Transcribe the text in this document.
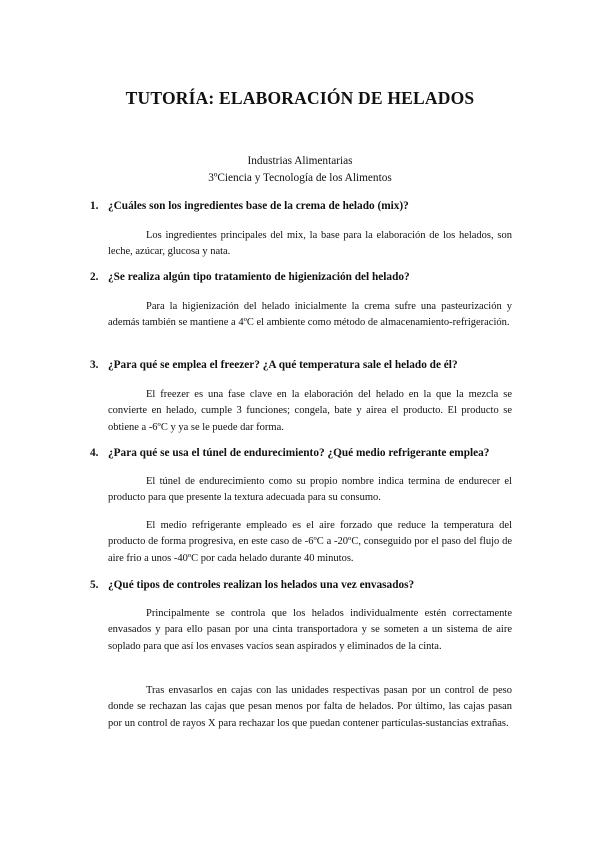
TUTORÍA: ELABORACIÓN DE HELADOS
Industrias Alimentarias
3ºCiencia y Tecnología de los Alimentos
1. ¿Cuáles son los ingredientes base de la crema de helado (mix)?
Los ingredientes principales del mix, la base para la elaboración de los helados, son leche, azúcar, glucosa y nata.
2. ¿Se realiza algún tipo tratamiento de higienización del helado?
Para la higienización del helado inicialmente la crema sufre una pasteurización y además también se mantiene a 4ºC el ambiente como método de almacenamiento-refrigeración.
3. ¿Para qué se emplea el freezer? ¿A qué temperatura sale el helado de él?
El freezer es una fase clave en la elaboración del helado en la que la mezcla se convierte en helado, cumple 3 funciones; congela, bate y airea el producto. El producto se obtiene a -6ºC y ya se le puede dar forma.
4. ¿Para qué se usa el túnel de endurecimiento? ¿Qué medio refrigerante emplea?
El túnel de endurecimiento como su propio nombre indica termina de endurecer el producto para que presente la textura adecuada para su consumo.
El medio refrigerante empleado es el aire forzado que reduce la temperatura del producto de forma progresiva, en este caso de -6ºC a -20ºC, conseguido por el paso del flujo de aire frio a unos -40ºC por cada helado durante 40 minutos.
5. ¿Qué tipos de controles realizan los helados una vez envasados?
Principalmente se controla que los helados individualmente estén correctamente envasados y para ello pasan por una cinta transportadora y se someten a un sistema de aire soplado para que así los envases vacíos sean aspirados y eliminados de la cinta.
Tras envasarlos en cajas con las unidades respectivas pasan por un control de peso donde se rechazan las cajas que pesan menos por falta de helados. Por último, las cajas pasan por un control de rayos X para rechazar los que puedan contener partículas-sustancias extrañas.
